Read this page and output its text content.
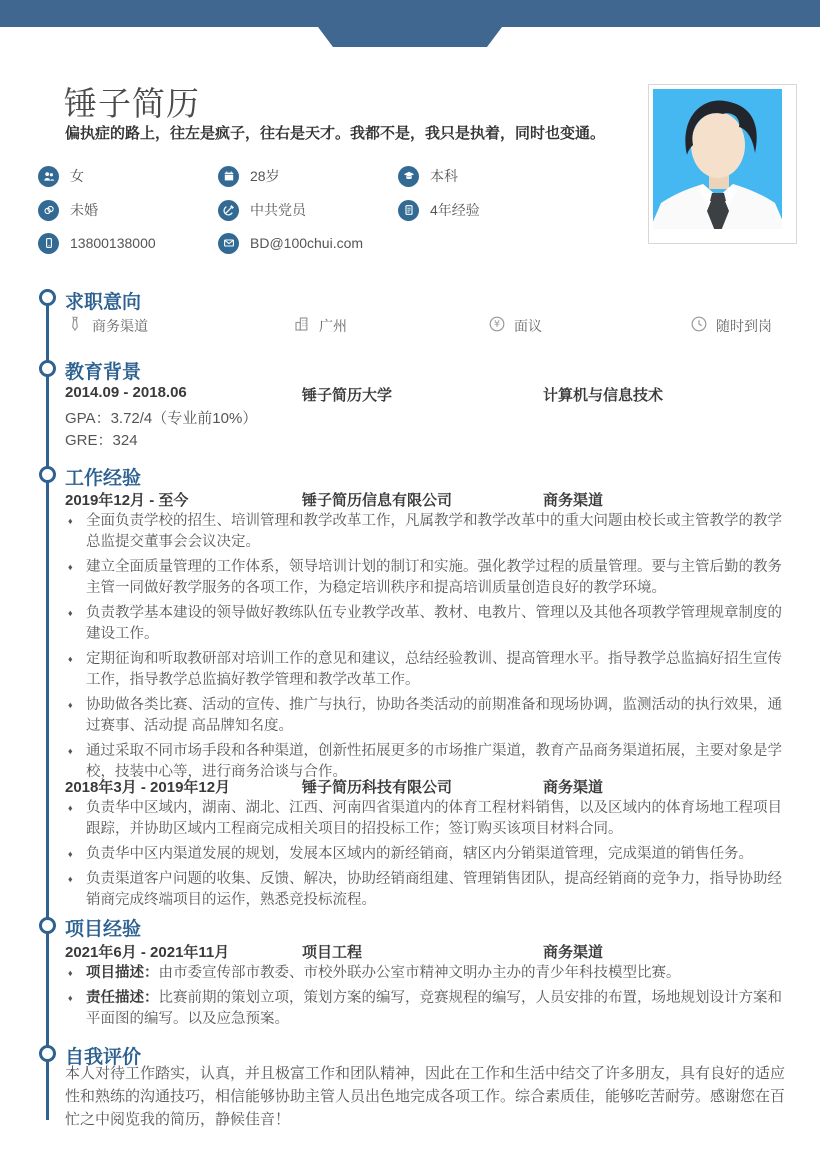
锤子简历
偏执症的路上，往左是疯子，往右是天才。我都不是，我只是执着，同时也变通。
女	28岁	本科
未婚	中共党员	4年经验
13800138000	BD@100chui.com
求职意向
商务渠道	广州	¥ 面议	随时到岗
教育背景
2014.09 - 2018.06	锤子简历大学	计算机与信息技术
GPA：3.72/4（专业前10%）
GRE：324
工作经验
2019年12月 - 至今	锤子简历信息有限公司	商务渠道
♦ 全面负责学校的招生、培训管理和教学改革工作，凡属教学和教学改革中的重大问题由校长或主管教学的教学总监提交董事会会议决定。
♦ 建立全面质量管理的工作体系，领导培训计划的制订和实施。强化教学过程的质量管理。要与主管后勤的教务主管一同做好教学服务的各项工作，为稳定培训秩序和提高培训质量创造良好的教学环境。
♦ 负责教学基本建设的领导做好教练队伍专业教学改革、教材、电教片、管理以及其他各项教学管理规章制度的建设工作。
♦ 定期征询和听取教研部对培训工作的意见和建议，总结经验教训、提高管理水平。指导教学总监搞好招生宣传工作，指导教学总监搞好教学管理和教学改革工作。
♦ 协助做各类比赛、活动的宣传、推广与执行，协助各类活动的前期准备和现场协调，监测活动的执行效果，通过赛事、活动提 高品牌知名度。
♦ 通过采取不同市场手段和各种渠道，创新性拓展更多的市场推广渠道，教育产品商务渠道拓展，主要对象是学校，技装中心等，进行商务洽谈与合作。
2018年3月 - 2019年12月	锤子简历科技有限公司	商务渠道
♦ 负责华中区域内，湖南、湖北、江西、河南四省渠道内的体育工程材料销售，以及区域内的体育场地工程项目跟踪，并协助区域内工程商完成相关项目的招投标工作；签订购买该项目材料合同。
♦ 负责华中区内渠道发展的规划，发展本区域内的新经销商，辖区内分销渠道管理，完成渠道的销售任务。
♦ 负责渠道客户问题的收集、反馈、解决，协助经销商组建、管理销售团队，提高经销商的竞争力，指导协助经销商完成终端项目的运作，熟悉竞投标流程。
项目经验
2021年6月 - 2021年11月	项目工程	商务渠道
♦ 项目描述：由市委宣传部市教委、市校外联办公室市精神文明办主办的青少年科技模型比赛。
♦ 责任描述：比赛前期的策划立项，策划方案的编写，竞赛规程的编写，人员安排的布置，场地规划设计方案和平面图的编写。以及应急预案。
自我评价
本人对待工作踏实，认真，并且极富工作和团队精神，因此在工作和生活中结交了许多朋友，具有良好的适应性和熟练的沟通技巧，相信能够协助主管人员出色地完成各项工作。综合素质佳，能够吃苦耐劳。感谢您在百忙之中阅览我的简历，静候佳音！
